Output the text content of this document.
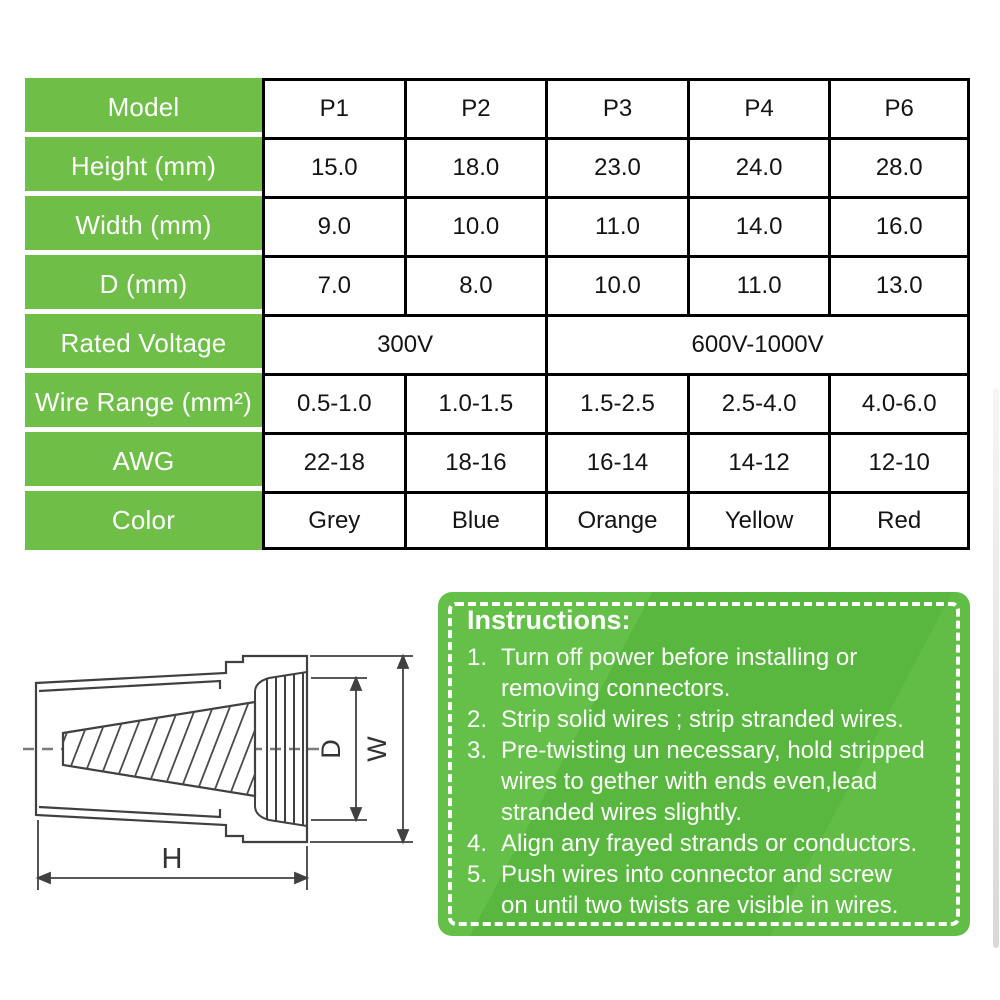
Model	P1	P2	P3	P4	P6
Height (mm)	15.0	18.0	23.0	24.0	28.0
Width (mm)	9.0	10.0	11.0	14.0	16.0
D (mm)	7.0	8.0	10.0	11.0	13.0
Rated Voltage	300V	600V-1000V
Wire Range (mm²)	0.5-1.0	1.0-1.5	1.5-2.5	2.5-4.0	4.0-6.0
AWG	22-18	18-16	16-14	14-12	12-10
Color	Grey	Blue	Orange	Yellow	Red
D W
H
Instructions:
1. Turn off power before installing or
removing connectors.
2. Strip solid wires ; strip stranded wires.
3. Pre-twisting un necessary, hold stripped
wires to gether with ends even,lead
stranded wires slightly.
4. Align any frayed strands or conductors.
5. Push wires into connector and screw
on until two twists are visible in wires.
